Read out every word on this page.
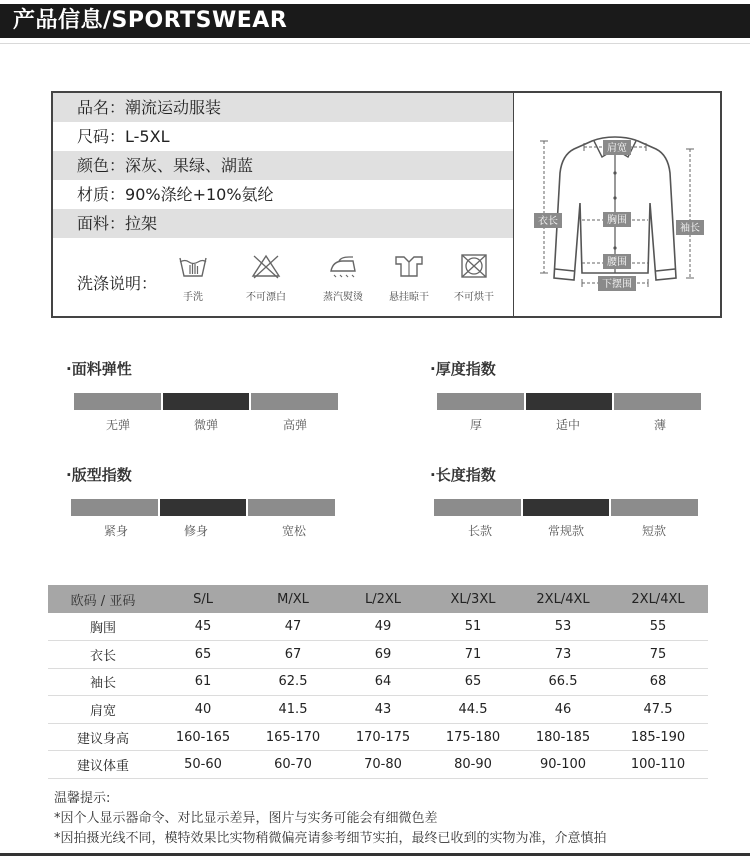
产品信息/SPORTSWEAR
品名：潮流运动服装
尺码：L-5XL
颜色：深灰、果绿、湖蓝
材质：90%涤纶+10%氨纶
面料：拉架
洗涤说明：
手洗	不可漂白	蒸汽熨烫	悬挂晾干	不可烘干
肩宽
衣长	胸围
袖长
腰围
下摆围
·面料弹性
无弹	微弹	高弹
·厚度指数
厚	适中	薄
·版型指数
紧身	修身	宽松
·长度指数
长款	常规款	短款
欧码 / 亚码	S/L	M/XL	L/2XL	XL/3XL	2XL/4XL	2XL/4XL
胸围	45	47	49	51	53	55
衣长	65	67	69	71	73	75
袖长	61	62.5	64	65	66.5	68
肩宽	40	41.5	43	44.5	46	47.5
建议身高	160-165	165-170	170-175	175-180	180-185	185-190
建议体重	50-60	60-70	70-80	80-90	90-100	100-110
温馨提示:
*因个人显示器命令、对比显示差异，图片与实务可能会有细微色差
*因拍摄光线不同，模特效果比实物稍微偏亮请参考细节实拍，最终已收到的实物为准，介意慎拍
